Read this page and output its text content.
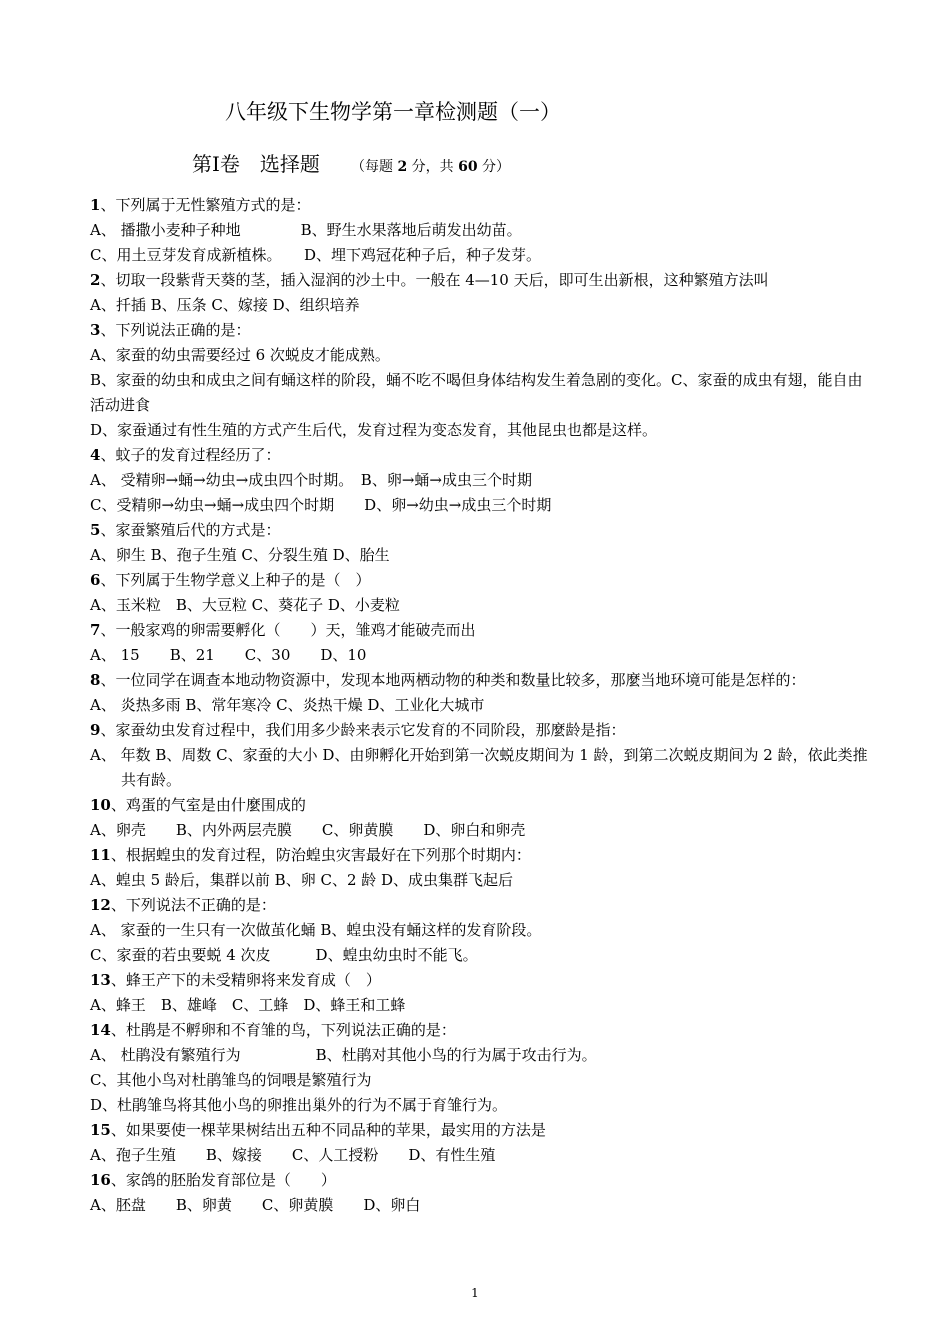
八年级下生物学第一章检测题（一）
第Ⅰ卷 选择题 （每题 2 分，共 60 分）
1、下列属于无性繁殖方式的是：
A、 播撒小麦种子种地　　　　B、野生水果落地后萌发出幼苗。
C、用土豆芽发育成新植株。　　D、埋下鸡冠花种子后，种子发芽。
2、切取一段紫背天葵的茎，插入湿润的沙土中。一般在 4—10 天后，即可生出新根，这种繁殖方法叫
A、扦插 B、压条 C、嫁接 D、组织培养
3、下列说法正确的是：
A、家蚕的幼虫需要经过 6 次蜕皮才能成熟。
B、家蚕的幼虫和成虫之间有蛹这样的阶段，蛹不吃不喝但身体结构发生着急剧的变化。C、家蚕的成虫有翅，能自由活动进食
D、家蚕通过有性生殖的方式产生后代，发育过程为变态发育，其他昆虫也都是这样。
4、蚊子的发育过程经历了：
A、 受精卵→蛹→幼虫→成虫四个时期。　B、卵→蛹→成虫三个时期
C、受精卵→幼虫→蛹→成虫四个时期　　D、卵→幼虫→成虫三个时期
5、家蚕繁殖后代的方式是：
A、卵生 B、孢子生殖 C、分裂生殖 D、胎生
6、下列属于生物学意义上种子的是（　）
A、玉米粒　B、大豆粒 C、葵花子 D、小麦粒
7、一般家鸡的卵需要孵化（　　）天，雏鸡才能破壳而出
A、 15　　B、21　　C、30　　D、10
8、一位同学在调查本地动物资源中，发现本地两栖动物的种类和数量比较多，那麼当地环境可能是怎样的：
A、 炎热多雨 B、常年寒冷 C、炎热干燥 D、工业化大城市
9、家蚕幼虫发育过程中，我们用多少龄来表示它发育的不同阶段，那麼龄是指：
A、 年数 B、周数 C、家蚕的大小 D、由卵孵化开始到第一次蜕皮期间为 1 龄，到第二次蜕皮期间为 2 龄，依此类推共有龄。
10、鸡蛋的气室是由什麼围成的
A、卵壳　　B、内外两层壳膜　　C、卵黄膜　　D、卵白和卵壳
11、根据蝗虫的发育过程，防治蝗虫灾害最好在下列那个时期内：
A、蝗虫 5 龄后，集群以前 B、卵 C、2 龄 D、成虫集群飞起后
12、下列说法不正确的是：
A、 家蚕的一生只有一次做茧化蛹 B、蝗虫没有蛹这样的发育阶段。
C、家蚕的若虫要蜕 4 次皮　　　D、蝗虫幼虫时不能飞。
13、蜂王产下的未受精卵将来发育成（　）
A、蜂王　B、雄峰　C、工蜂　D、蜂王和工蜂
14、杜鹃是不孵卵和不育雏的鸟，下列说法正确的是：
A、 杜鹃没有繁殖行为　　　　　B、杜鹃对其他小鸟的行为属于攻击行为。
C、其他小鸟对杜鹃雏鸟的饲喂是繁殖行为
D、杜鹃雏鸟将其他小鸟的卵推出巢外的行为不属于育雏行为。
15、如果要使一棵苹果树结出五种不同品种的苹果，最实用的方法是
A、孢子生殖　　B、嫁接　　C、人工授粉　　D、有性生殖
16、家鸽的胚胎发育部位是（　　）
A、胚盘　　B、卵黄　　C、卵黄膜　　D、卵白
1
